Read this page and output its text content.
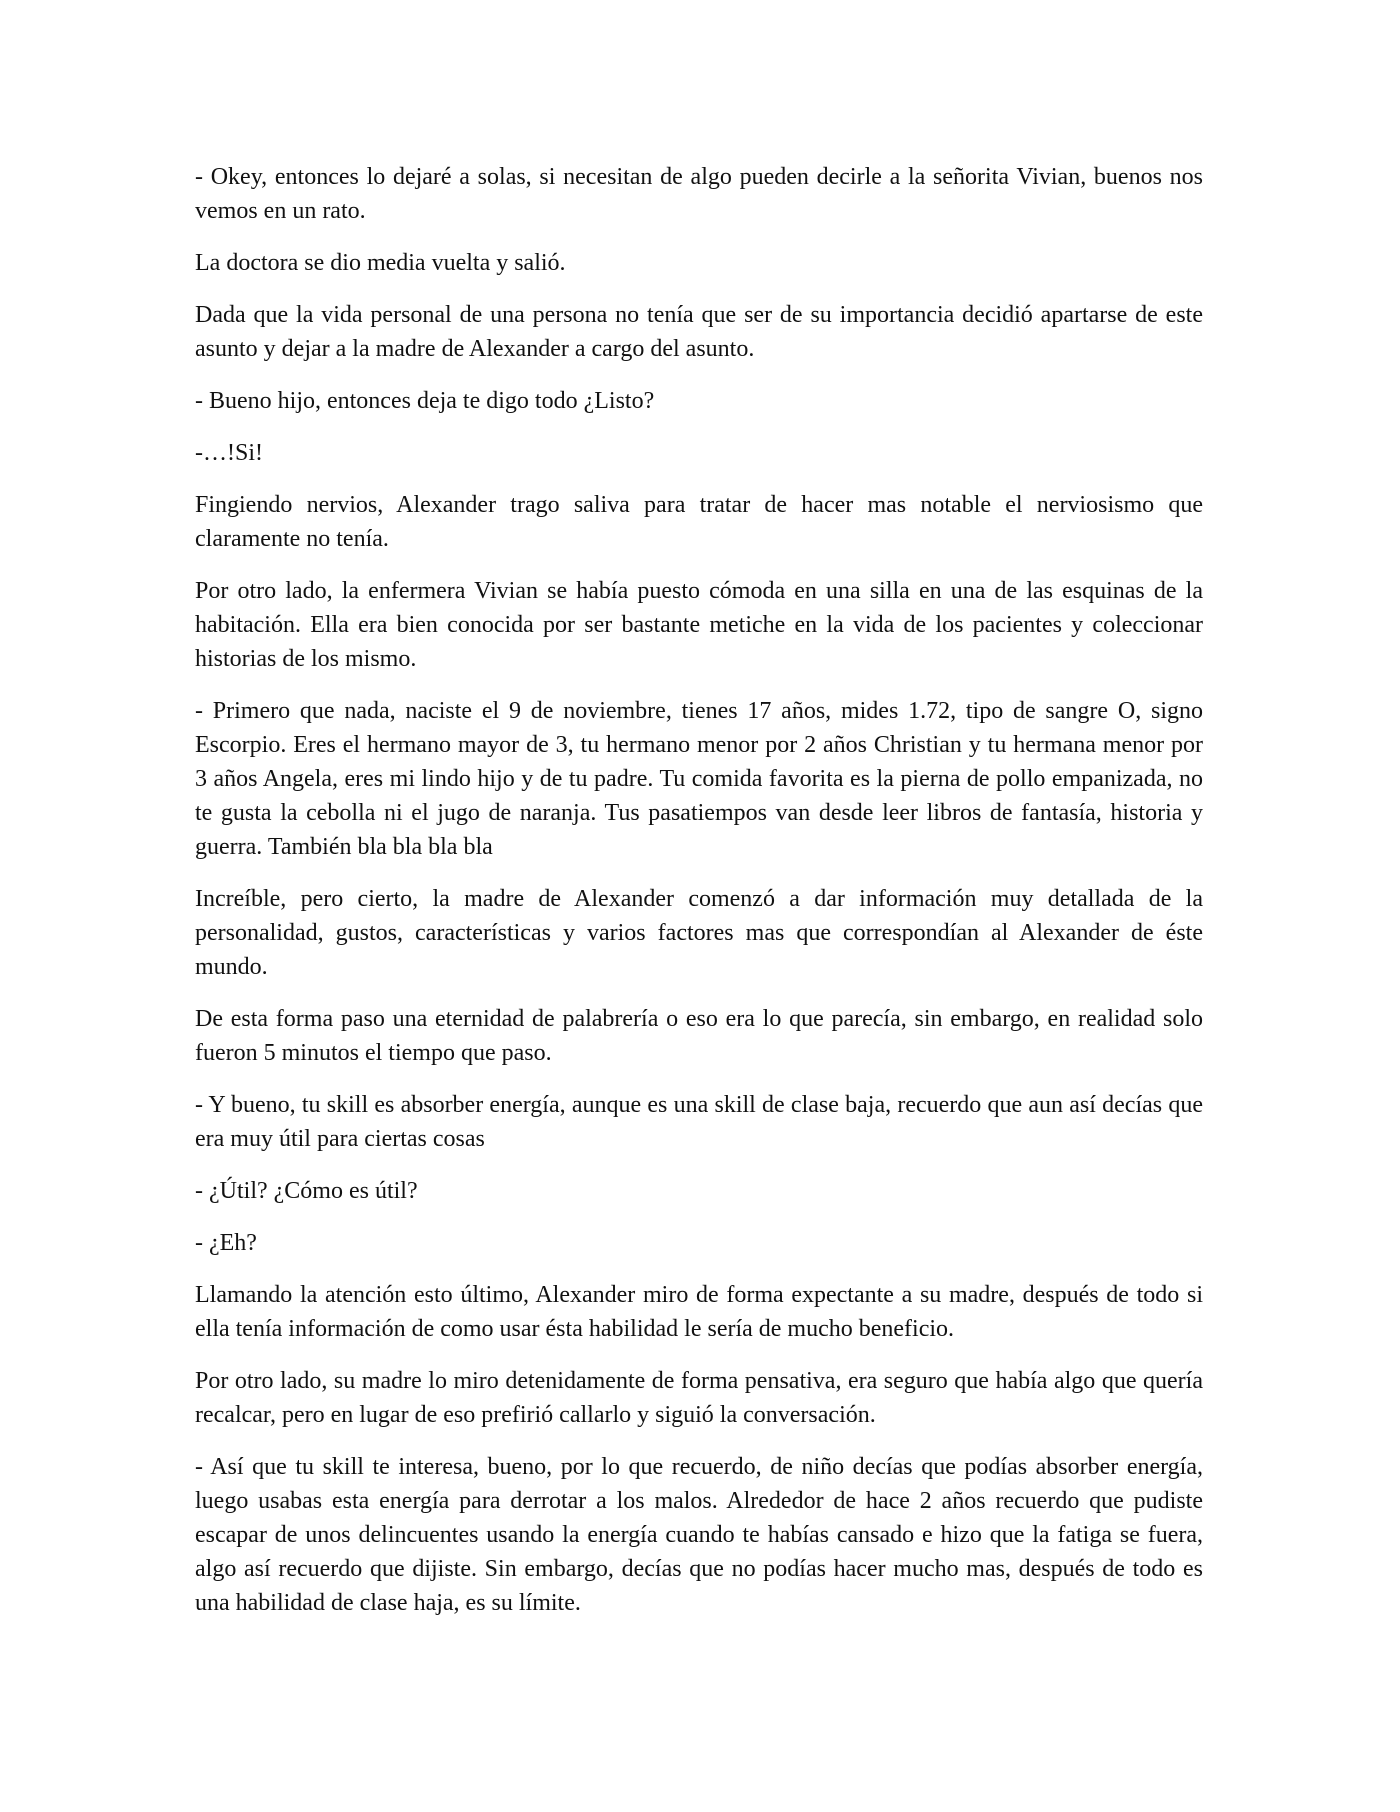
- Okey, entonces lo dejaré a solas, si necesitan de algo pueden decirle a la señorita Vivian, buenos nos vemos en un rato.

La doctora se dio media vuelta y salió.

Dada que la vida personal de una persona no tenía que ser de su importancia decidió apartarse de este asunto y dejar a la madre de Alexander a cargo del asunto.

- Bueno hijo, entonces deja te digo todo ¿Listo?

-…!Si!

Fingiendo nervios, Alexander trago saliva para tratar de hacer mas notable el nerviosismo que claramente no tenía.

Por otro lado, la enfermera Vivian se había puesto cómoda en una silla en una de las esquinas de la habitación. Ella era bien conocida por ser bastante metiche en la vida de los pacientes y coleccionar historias de los mismo.

- Primero que nada, naciste el 9 de noviembre, tienes 17 años, mides 1.72, tipo de sangre O, signo Escorpio. Eres el hermano mayor de 3, tu hermano menor por 2 años Christian y tu hermana menor por 3 años Angela, eres mi lindo hijo y de tu padre. Tu comida favorita es la pierna de pollo empanizada, no te gusta la cebolla ni el jugo de naranja. Tus pasatiempos van desde leer libros de fantasía, historia y guerra. También bla bla bla bla

Increíble, pero cierto, la madre de Alexander comenzó a dar información muy detallada de la personalidad, gustos, características y varios factores mas que correspondían al Alexander de éste mundo.

De esta forma paso una eternidad de palabrería o eso era lo que parecía, sin embargo, en realidad solo fueron 5 minutos el tiempo que paso.

- Y bueno, tu skill es absorber energía, aunque es una skill de clase baja, recuerdo que aun así decías que era muy útil para ciertas cosas

- ¿Útil? ¿Cómo es útil?

- ¿Eh?

Llamando la atención esto último, Alexander miro de forma expectante a su madre, después de todo si ella tenía información de como usar ésta habilidad le sería de mucho beneficio.

Por otro lado, su madre lo miro detenidamente de forma pensativa, era seguro que había algo que quería recalcar, pero en lugar de eso prefirió callarlo y siguió la conversación.

- Así que tu skill te interesa, bueno, por lo que recuerdo, de niño decías que podías absorber energía, luego usabas esta energía para derrotar a los malos. Alrededor de hace 2 años recuerdo que pudiste escapar de unos delincuentes usando la energía cuando te habías cansado e hizo que la fatiga se fuera, algo así recuerdo que dijiste. Sin embargo, decías que no podías hacer mucho mas, después de todo es una habilidad de clase haja, es su límite.
